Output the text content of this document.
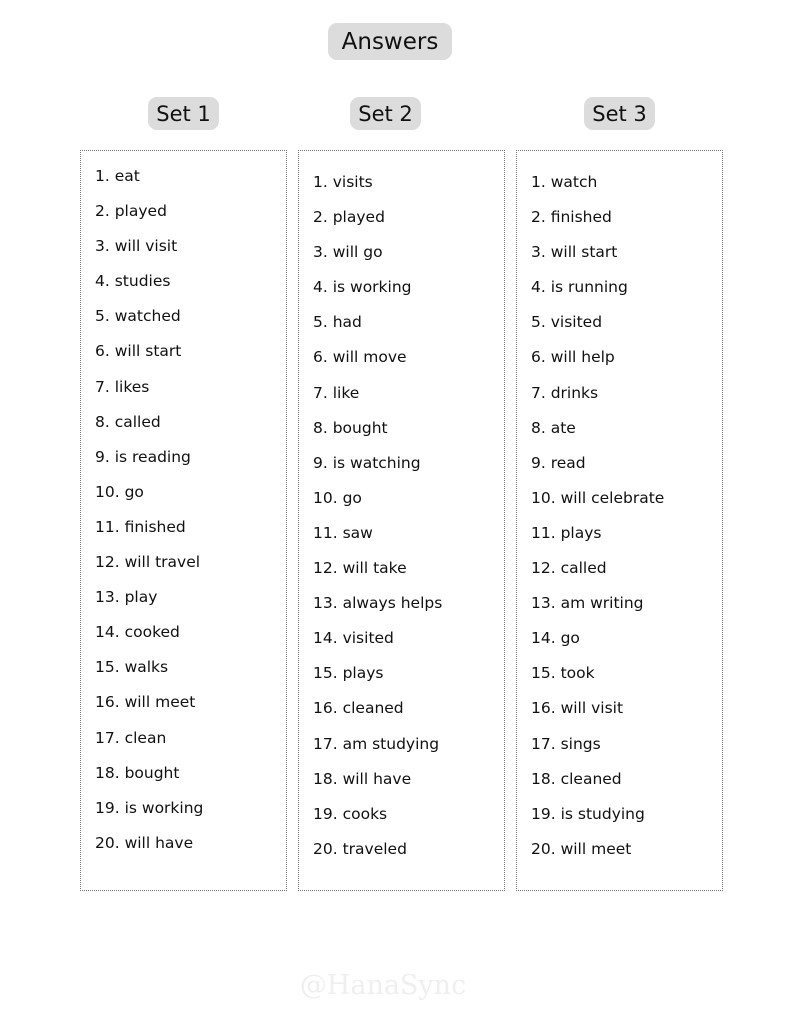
Answers
Set 1	Set 2	Set 3
1. eat
2. played
3. will visit
4. studies
5. watched
6. will start
7. likes
8. called
9. is reading
10. go
11. finished
12. will travel
13. play
14. cooked
15. walks
16. will meet
17. clean
18. bought
19. is working
20. will have
1. visits
2. played
3. will go
4. is working
5. had
6. will move
7. like
8. bought
9. is watching
10. go
11. saw
12. will take
13. always helps
14. visited
15. plays
16. cleaned
17. am studying
18. will have
19. cooks
20. traveled
1. watch
2. finished
3. will start
4. is running
5. visited
6. will help
7. drinks
8. ate
9. read
10. will celebrate
11. plays
12. called
13. am writing
14. go
15. took
16. will visit
17. sings
18. cleaned
19. is studying
20. will meet
@HanaSync
